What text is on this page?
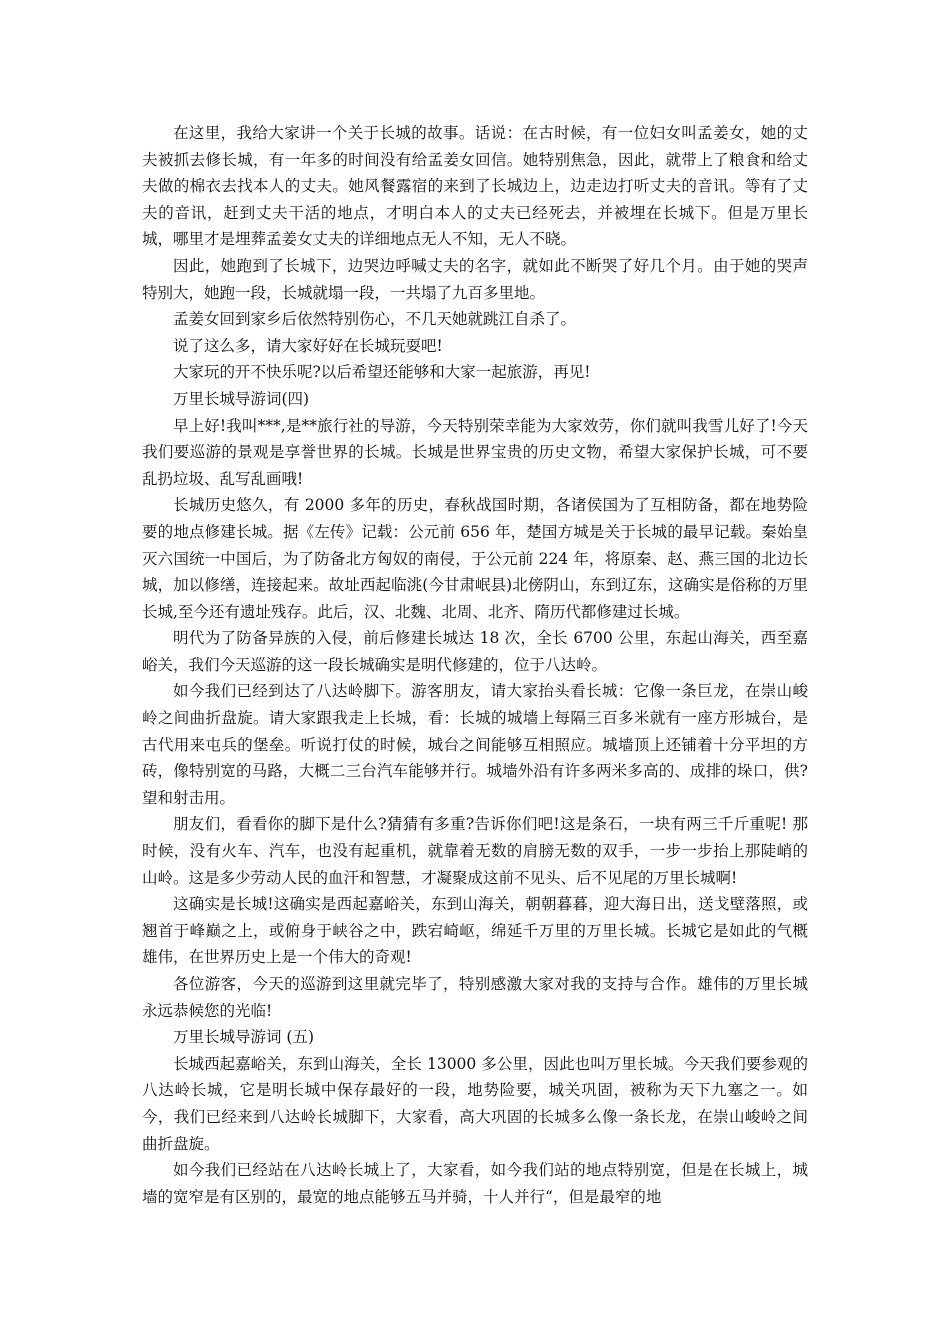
在这里，我给大家讲一个关于长城的故事。话说：在古时候，有一位妇女叫孟姜女，她的丈夫被抓去修长城，有一年多的时间没有给孟姜女回信。她特别焦急，因此，就带上了粮食和给丈夫做的棉衣去找本人的丈夫。她风餐露宿的来到了长城边上，边走边打听丈夫的音讯。等有了丈夫的音讯，赶到丈夫干活的地点，才明白本人的丈夫已经死去，并被埋在长城下。但是万里长城，哪里才是埋葬孟姜女丈夫的详细地点无人不知，无人不晓。

因此，她跑到了长城下，边哭边呼喊丈夫的名字，就如此不断哭了好几个月。由于她的哭声特别大，她跑一段，长城就塌一段，一共塌了九百多里地。

孟姜女回到家乡后依然特别伤心，不几天她就跳江自杀了。

说了这么多，请大家好好在长城玩耍吧!

大家玩的开不快乐呢?以后希望还能够和大家一起旅游，再见!

万里长城导游词(四)

早上好!我叫***,是**旅行社的导游，今天特别荣幸能为大家效劳，你们就叫我雪儿好了!今天我们要巡游的景观是享誉世界的长城。长城是世界宝贵的历史文物，希望大家保护长城，可不要乱扔垃圾、乱写乱画哦!

长城历史悠久，有 2000 多年的历史，春秋战国时期，各诸侯国为了互相防备，都在地势险要的地点修建长城。据《左传》记载：公元前 656 年，楚国方城是关于长城的最早记载。秦始皇灭六国统一中国后，为了防备北方匈奴的南侵，于公元前 224 年，将原秦、赵、燕三国的北边长城，加以修缮，连接起来。故址西起临洮(今甘肃岷县)北傍阴山，东到辽东，这确实是俗称的万里长城,至今还有遗址残存。此后，汉、北魏、北周、北齐、隋历代都修建过长城。

明代为了防备异族的入侵，前后修建长城达 18 次，全长 6700 公里，东起山海关，西至嘉峪关，我们今天巡游的这一段长城确实是明代修建的，位于八达岭。

如今我们已经到达了八达岭脚下。游客朋友，请大家抬头看长城：它像一条巨龙，在崇山峻岭之间曲折盘旋。请大家跟我走上长城，看：长城的城墙上每隔三百多米就有一座方形城台，是古代用来屯兵的堡垒。听说打仗的时候，城台之间能够互相照应。城墙顶上还铺着十分平坦的方砖，像特别宽的马路，大概二三台汽车能够并行。城墙外沿有许多两米多高的、成排的垛口，供?望和射击用。

朋友们，看看你的脚下是什么?猜猜有多重?告诉你们吧!这是条石，一块有两三千斤重呢! 那时候，没有火车、汽车，也没有起重机，就靠着无数的肩膀无数的双手，一步一步抬上那陡峭的山岭。这是多少劳动人民的血汗和智慧，才凝聚成这前不见头、后不见尾的万里长城啊!

这确实是长城!这确实是西起嘉峪关，东到山海关，朝朝暮暮，迎大海日出，送戈壁落照，或翘首于峰巅之上，或俯身于峡谷之中，跌宕崎岖，绵延千万里的万里长城。长城它是如此的气概雄伟，在世界历史上是一个伟大的奇观!

各位游客，今天的巡游到这里就完毕了，特别感激大家对我的支持与合作。雄伟的万里长城永远恭候您的光临!

万里长城导游词 (五)

长城西起嘉峪关，东到山海关，全长 13000 多公里，因此也叫万里长城。今天我们要参观的八达岭长城，它是明长城中保存最好的一段，地势险要，城关巩固，被称为天下九塞之一。如今，我们已经来到八达岭长城脚下，大家看，高大巩固的长城多么像一条长龙，在崇山峻岭之间曲折盘旋。

如今我们已经站在八达岭长城上了，大家看，如今我们站的地点特别宽，但是在长城上，城墙的宽窄是有区别的，最宽的地点能够五马并骑，十人并行“，但是最窄的地
